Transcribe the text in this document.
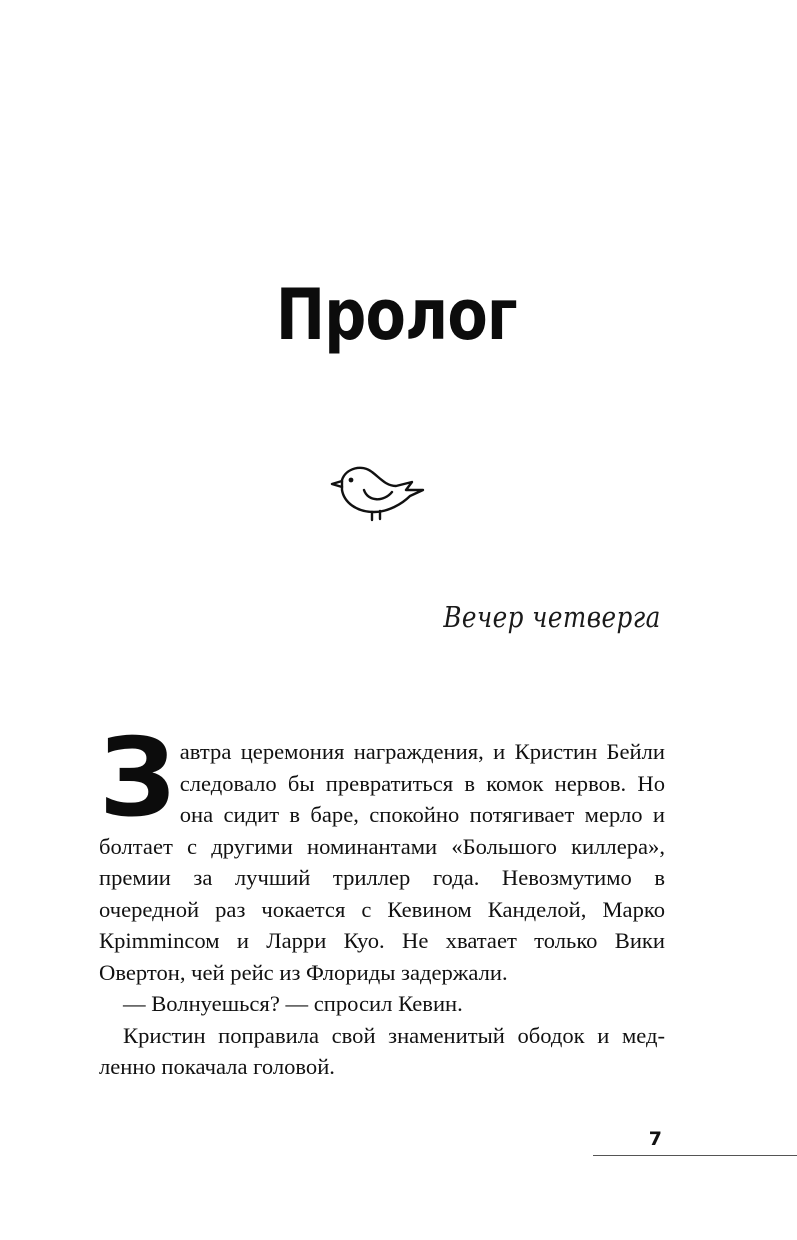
Пролог
Вечер четверга

Завтра церемония награждения, и Кристин Бейли следовало бы превратиться в комок нервов. Но она сидит в баре, спокойно потягивает мерло и болтает с другими номинантами «Большого киллера», премии за лучший триллер года. Невозмутимо в очередной раз чокается с Кевином Канделой, Марко Крimminсом и Ларри Куо. Не хватает только Вики Овертон, чей рейс из Флориды задержали.

— Волнуешься? — спросил Кевин.

Кристин поправила свой знаменитый ободок и медленно покачала головой.

7
